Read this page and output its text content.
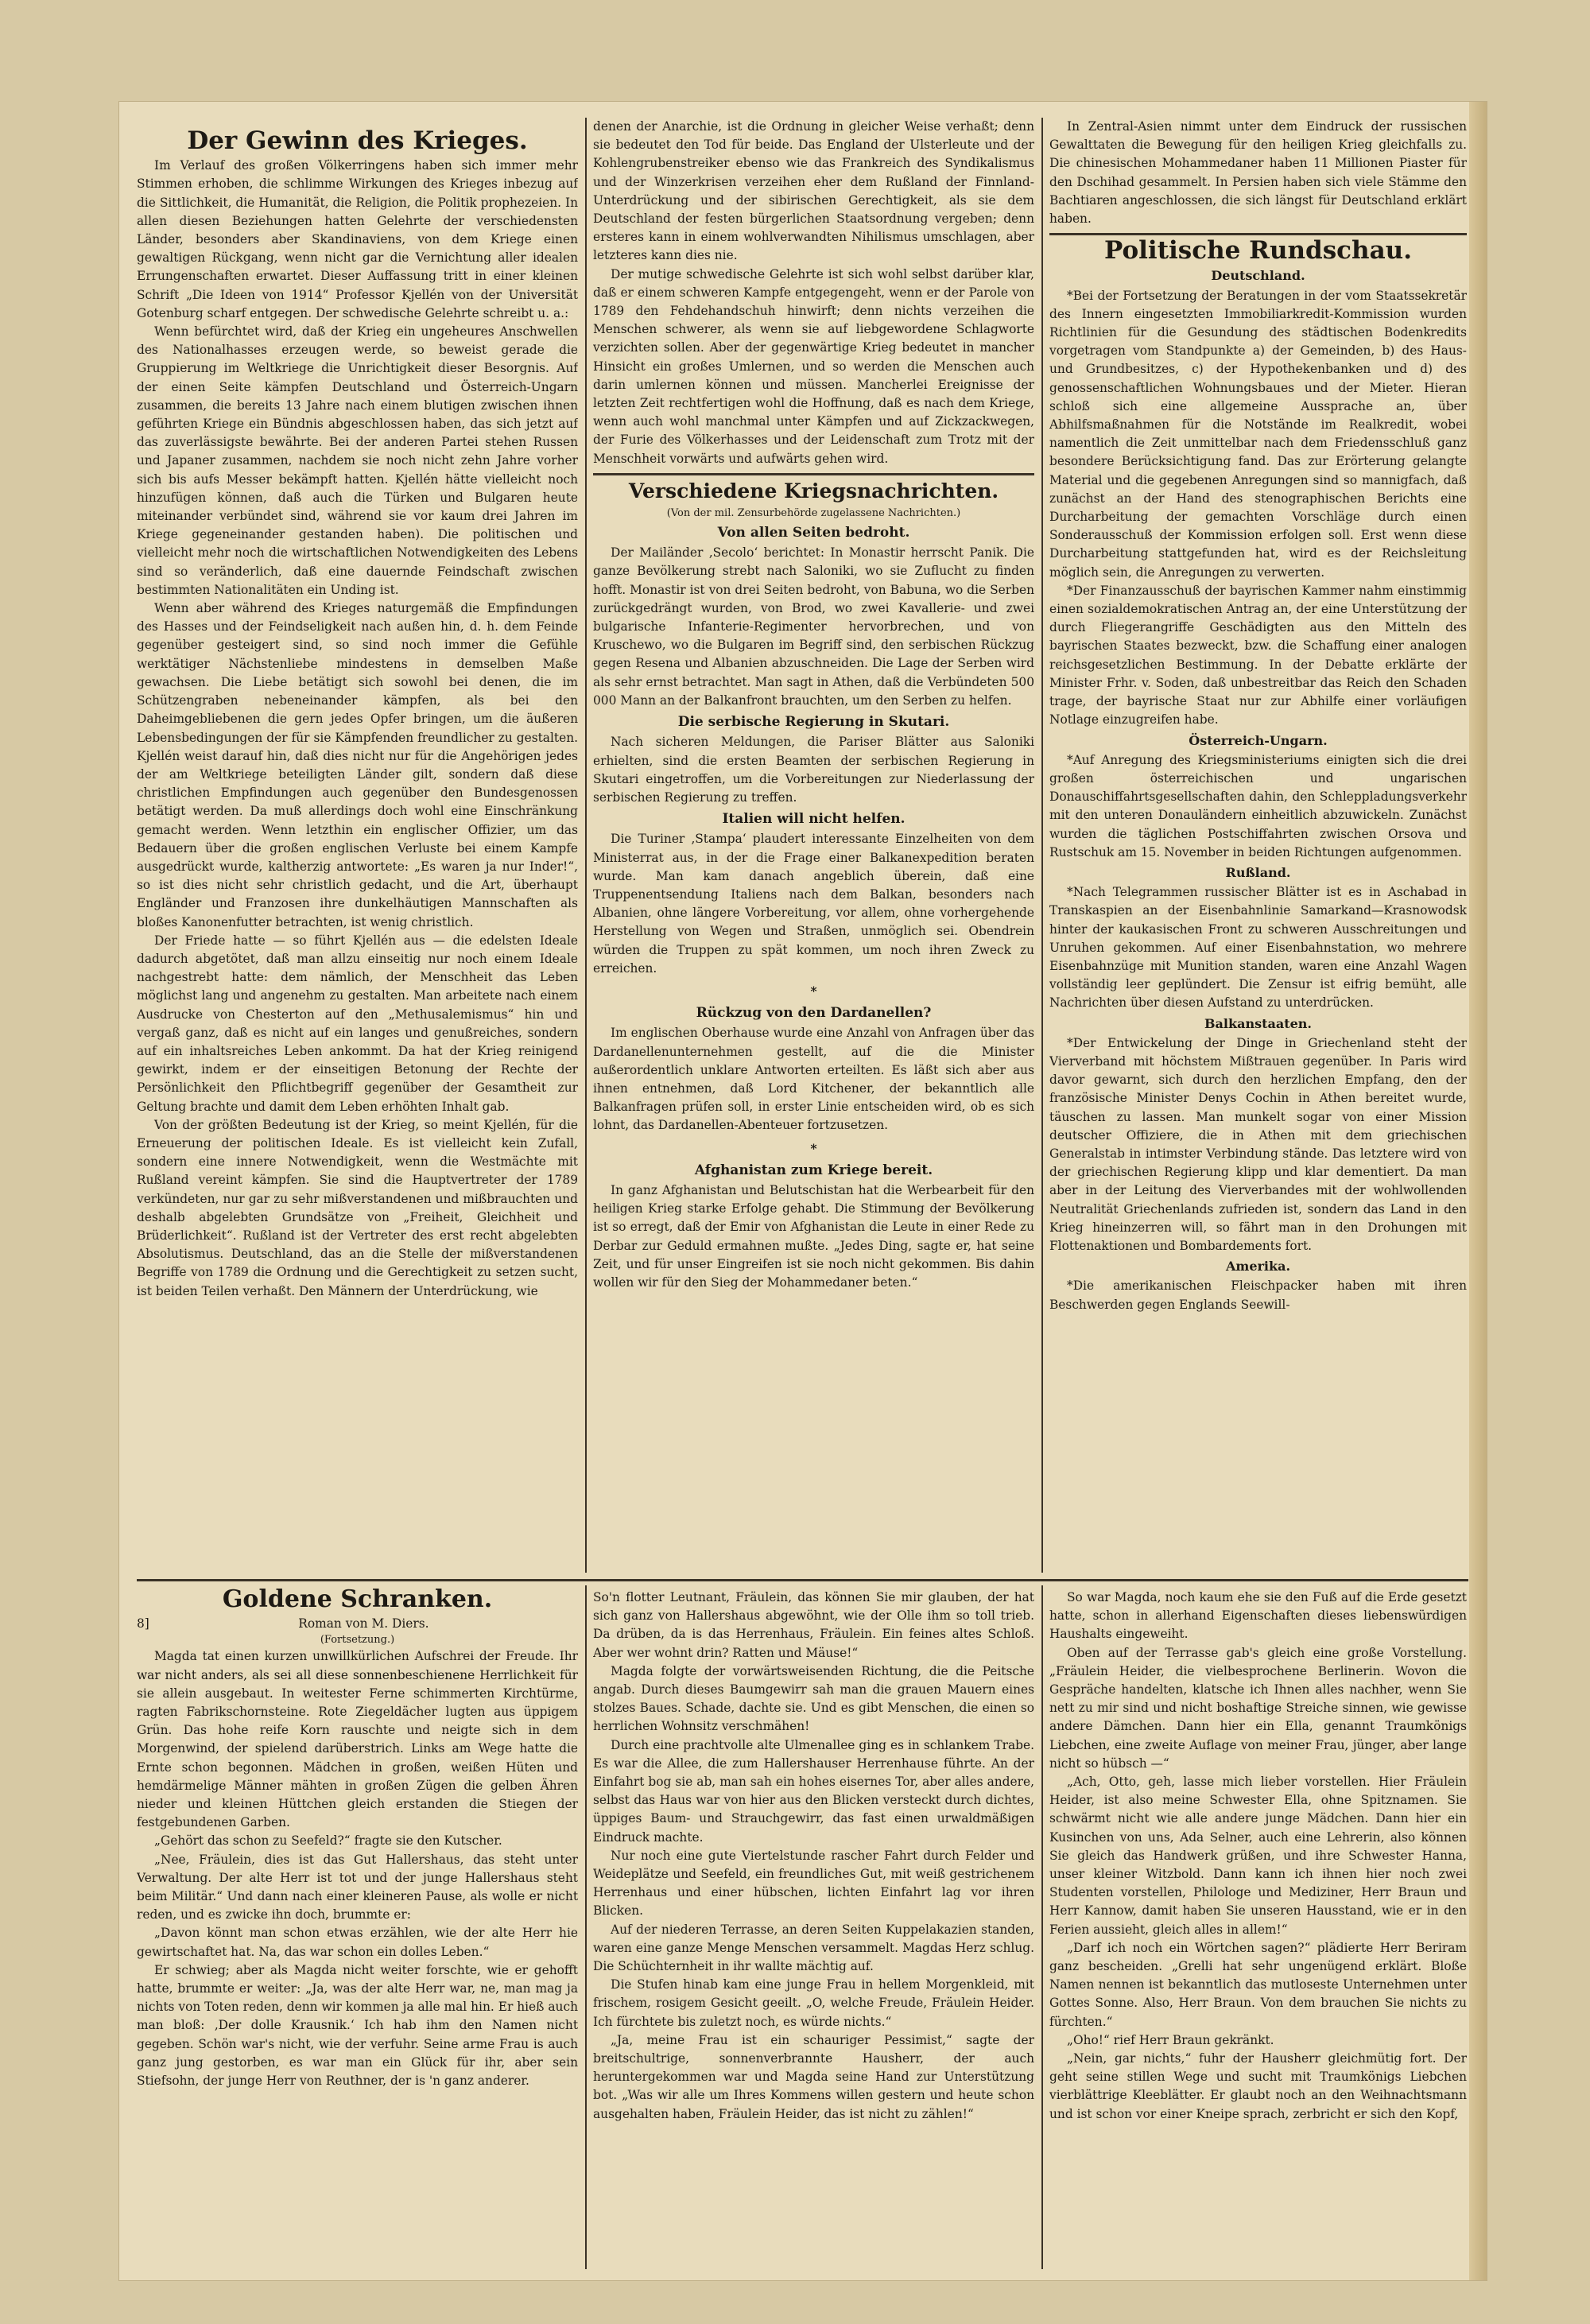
Der Gewinn des Krieges.

Im Verlauf des großen Völkerringens haben sich immer mehr Stimmen erhoben, die schlimme Wirkungen des Krieges inbezug auf die Sittlichkeit, die Humanität, die Religion, die Politik prophezeien. In allen diesen Beziehungen hatten Gelehrte der verschiedensten Länder, besonders aber Skandinaviens, von dem Kriege einen gewaltigen Rückgang, wenn nicht gar die Vernichtung aller idealen Errungenschaften erwartet. Dieser Auffassung tritt in einer kleinen Schrift „Die Ideen von 1914“ Professor Kjellén von der Universität Gotenburg scharf entgegen. Der schwedische Gelehrte schreibt u. a.:

Wenn befürchtet wird, daß der Krieg ein ungeheures Anschwellen des Nationalhasses erzeugen werde, so beweist gerade die Gruppierung im Weltkriege die Unrichtigkeit dieser Besorgnis. Auf der einen Seite kämpfen Deutschland und Österreich-Ungarn zusammen, die bereits 13 Jahre nach einem blutigen zwischen ihnen geführten Kriege ein Bündnis abgeschlossen haben, das sich jetzt auf das zuverlässigste bewährte. Bei der anderen Partei stehen Russen und Japaner zusammen, nachdem sie noch nicht zehn Jahre vorher sich bis aufs Messer bekämpft hatten. Kjellén hätte vielleicht noch hinzufügen können, daß auch die Türken und Bulgaren heute miteinander verbündet sind, während sie vor kaum drei Jahren im Kriege gegeneinander gestanden haben). Die politischen und vielleicht mehr noch die wirtschaftlichen Notwendigkeiten des Lebens sind so veränderlich, daß eine dauernde Feindschaft zwischen bestimmten Nationalitäten ein Unding ist.

Wenn aber während des Krieges naturgemäß die Empfindungen des Hasses und der Feindseligkeit nach außen hin, d. h. dem Feinde gegenüber gesteigert sind, so sind noch immer die Gefühle werktätiger Nächstenliebe mindestens in demselben Maße gewachsen. Die Liebe betätigt sich sowohl bei denen, die im Schützengraben nebeneinander kämpfen, als bei den Daheimgebliebenen die gern jedes Opfer bringen, um die äußeren Lebensbedingungen der für sie Kämpfenden freundlicher zu gestalten. Kjellén weist darauf hin, daß dies nicht nur für die Angehörigen jedes der am Weltkriege beteiligten Länder gilt, sondern daß diese christlichen Empfindungen auch gegenüber den Bundesgenossen betätigt werden. Da muß allerdings doch wohl eine Einschränkung gemacht werden. Wenn letzthin ein englischer Offizier, um das Bedauern über die großen englischen Verluste bei einem Kampfe ausgedrückt wurde, kaltherzig antwortete: „Es waren ja nur Inder!“, so ist dies nicht sehr christlich gedacht, und die Art, überhaupt Engländer und Franzosen ihre dunkelhäutigen Mannschaften als bloßes Kanonenfutter betrachten, ist wenig christlich.

Der Friede hatte — so führt Kjellén aus — die edelsten Ideale dadurch abgetötet, daß man allzu einseitig nur noch einem Ideale nachgestrebt hatte: dem nämlich, der Menschheit das Leben möglichst lang und angenehm zu gestalten. Man arbeitete nach einem Ausdrucke von Chesterton auf den „Methusalemismus“ hin und vergaß ganz, daß es nicht auf ein langes und genußreiches, sondern auf ein inhaltsreiches Leben ankommt. Da hat der Krieg reinigend gewirkt, indem er der einseitigen Betonung der Rechte der Persönlichkeit den Pflichtbegriff gegenüber der Gesamtheit zur Geltung brachte und damit dem Leben erhöhten Inhalt gab.

Von der größten Bedeutung ist der Krieg, so meint Kjellén, für die Erneuerung der politischen Ideale. Es ist vielleicht kein Zufall, sondern eine innere Notwendigkeit, wenn die Westmächte mit Rußland vereint kämpfen. Sie sind die Hauptvertreter der 1789 verkündeten, nur gar zu sehr mißverstandenen und mißbrauchten und deshalb abgelebten Grundsätze von „Freiheit, Gleichheit und Brüderlichkeit“. Rußland ist der Vertreter des erst recht abgelebten Absolutismus. Deutschland, das an die Stelle der mißverstandenen Begriffe von 1789 die Ordnung und die Gerechtigkeit zu setzen sucht, ist beiden Teilen verhaßt. Den Männern der Unterdrückung, wie

denen der Anarchie, ist die Ordnung in gleicher Weise verhaßt; denn sie bedeutet den Tod für beide. Das England der Ulsterleute und der Kohlengrubenstreiker ebenso wie das Frankreich des Syndikalismus und der Winzerkrisen verzeihen eher dem Rußland der Finnland-Unterdrückung und der sibirischen Gerechtigkeit, als sie dem Deutschland der festen bürgerlichen Staatsordnung vergeben; denn ersteres kann in einem wohlverwandten Nihilismus umschlagen, aber letzteres kann dies nie.

Der mutige schwedische Gelehrte ist sich wohl selbst darüber klar, daß er einem schweren Kampfe entgegengeht, wenn er der Parole von 1789 den Fehdehandschuh hinwirft; denn nichts verzeihen die Menschen schwerer, als wenn sie auf liebgewordene Schlagworte verzichten sollen. Aber der gegenwärtige Krieg bedeutet in mancher Hinsicht ein großes Umlernen, und so werden die Menschen auch darin umlernen können und müssen. Mancherlei Ereignisse der letzten Zeit rechtfertigen wohl die Hoffnung, daß es nach dem Kriege, wenn auch wohl manchmal unter Kämpfen und auf Zickzackwegen, der Furie des Völkerhasses und der Leidenschaft zum Trotz mit der Menschheit vorwärts und aufwärts gehen wird.

Verschiedene Kriegsnachrichten.
(Von der mil. Zensurbehörde zugelassene Nachrichten.)
Von allen Seiten bedroht.

Der Mailänder ‚Secolo‘ berichtet: In Monastir herrscht Panik. Die ganze Bevölkerung strebt nach Saloniki, wo sie Zuflucht zu finden hofft. Monastir ist von drei Seiten bedroht, von Babuna, wo die Serben zurückgedrängt wurden, von Brod, wo zwei Kavallerie- und zwei bulgarische Infanterie-Regimenter hervorbrechen, und von Kruschewo, wo die Bulgaren im Begriff sind, den serbischen Rückzug gegen Resena und Albanien abzuschneiden. Die Lage der Serben wird als sehr ernst betrachtet. Man sagt in Athen, daß die Verbündeten 500 000 Mann an der Balkanfront brauchten, um den Serben zu helfen.

Die serbische Regierung in Skutari.

Nach sicheren Meldungen, die Pariser Blätter aus Saloniki erhielten, sind die ersten Beamten der serbischen Regierung in Skutari eingetroffen, um die Vorbereitungen zur Niederlassung der serbischen Regierung zu treffen.

Italien will nicht helfen.

Die Turiner ‚Stampa‘ plaudert interessante Einzelheiten von dem Ministerrat aus, in der die Frage einer Balkanexpedition beraten wurde. Man kam danach angeblich überein, daß eine Truppenentsendung Italiens nach dem Balkan, besonders nach Albanien, ohne längere Vorbereitung, vor allem, ohne vorhergehende Herstellung von Wegen und Straßen, unmöglich sei. Obendrein würden die Truppen zu spät kommen, um noch ihren Zweck zu erreichen.

*
Rückzug von den Dardanellen?

Im englischen Oberhause wurde eine Anzahl von Anfragen über das Dardanellenunternehmen gestellt, auf die die Minister außerordentlich unklare Antworten erteilten. Es läßt sich aber aus ihnen entnehmen, daß Lord Kitchener, der bekanntlich alle Balkanfragen prüfen soll, in erster Linie entscheiden wird, ob es sich lohnt, das Dardanellen-Abenteuer fortzusetzen.

*
Afghanistan zum Kriege bereit.

In ganz Afghanistan und Belutschistan hat die Werbearbeit für den heiligen Krieg starke Erfolge gehabt. Die Stimmung der Bevölkerung ist so erregt, daß der Emir von Afghanistan die Leute in einer Rede zu Derbar zur Geduld ermahnen mußte. „Jedes Ding, sagte er, hat seine Zeit, und für unser Eingreifen ist sie noch nicht gekommen. Bis dahin wollen wir für den Sieg der Mohammedaner beten.“

In Zentral-Asien nimmt unter dem Eindruck der russischen Gewalttaten die Bewegung für den heiligen Krieg gleichfalls zu. Die chinesischen Mohammedaner haben 11 Millionen Piaster für den Dschihad gesammelt. In Persien haben sich viele Stämme den Bachtiaren angeschlossen, die sich längst für Deutschland erklärt haben.

Politische Rundschau.
Deutschland.

*Bei der Fortsetzung der Beratungen in der vom Staatssekretär des Innern eingesetzten Immobiliarkredit-Kommission wurden Richtlinien für die Gesundung des städtischen Bodenkredits vorgetragen vom Standpunkte a) der Gemeinden, b) des Haus- und Grundbesitzes, c) der Hypothekenbanken und d) des genossenschaftlichen Wohnungsbaues und der Mieter. Hieran schloß sich eine allgemeine Aussprache an, über Abhilfsmaßnahmen für die Notstände im Realkredit, wobei namentlich die Zeit unmittelbar nach dem Friedensschluß ganz besondere Berücksichtigung fand. Das zur Erörterung gelangte Material und die gegebenen Anregungen sind so mannigfach, daß zunächst an der Hand des stenographischen Berichts eine Durcharbeitung der gemachten Vorschläge durch einen Sonderausschuß der Kommission erfolgen soll. Erst wenn diese Durcharbeitung stattgefunden hat, wird es der Reichsleitung möglich sein, die Anregungen zu verwerten.

*Der Finanzausschuß der bayrischen Kammer nahm einstimmig einen sozialdemokratischen Antrag an, der eine Unterstützung der durch Fliegerangriffe Geschädigten aus den Mitteln des bayrischen Staates bezweckt, bzw. die Schaffung einer analogen reichsgesetzlichen Bestimmung. In der Debatte erklärte der Minister Frhr. v. Soden, daß unbestreitbar das Reich den Schaden trage, der bayrische Staat nur zur Abhilfe einer vorläufigen Notlage einzugreifen habe.

Österreich-Ungarn.

*Auf Anregung des Kriegsministeriums einigten sich die drei großen österreichischen und ungarischen Donauschiffahrtsgesellschaften dahin, den Schleppladungsverkehr mit den unteren Donauländern einheitlich abzuwickeln. Zunächst wurden die täglichen Postschiffahrten zwischen Orsova und Rustschuk am 15. November in beiden Richtungen aufgenommen.

Rußland.

*Nach Telegrammen russischer Blätter ist es in Aschabad in Transkaspien an der Eisenbahnlinie Samarkand—Krasnowodsk hinter der kaukasischen Front zu schweren Ausschreitungen und Unruhen gekommen. Auf einer Eisenbahnstation, wo mehrere Eisenbahnzüge mit Munition standen, waren eine Anzahl Wagen vollständig leer geplündert. Die Zensur ist eifrig bemüht, alle Nachrichten über diesen Aufstand zu unterdrücken.

Balkanstaaten.

*Der Entwickelung der Dinge in Griechenland steht der Vierverband mit höchstem Mißtrauen gegenüber. In Paris wird davor gewarnt, sich durch den herzlichen Empfang, den der französische Minister Denys Cochin in Athen bereitet wurde, täuschen zu lassen. Man munkelt sogar von einer Mission deutscher Offiziere, die in Athen mit dem griechischen Generalstab in intimster Verbindung stände. Das letztere wird von der griechischen Regierung klipp und klar dementiert. Da man aber in der Leitung des Vierverbandes mit der wohlwollenden Neutralität Griechenlands zufrieden ist, sondern das Land in den Krieg hineinzerren will, so fährt man in den Drohungen mit Flottenaktionen und Bombardements fort.

Amerika.

*Die amerikanischen Fleischpacker haben mit ihren Beschwerden gegen Englands Seewill-

Goldene Schranken.
8]	Roman von M. Diers.
(Fortsetzung.)

Magda tat einen kurzen unwillkürlichen Aufschrei der Freude. Ihr war nicht anders, als sei all diese sonnenbeschienene Herrlichkeit für sie allein ausgebaut. In weitester Ferne schimmerten Kirchtürme, ragten Fabrikschornsteine. Rote Ziegeldächer lugten aus üppigem Grün. Das hohe reife Korn rauschte und neigte sich in dem Morgenwind, der spielend darüberstrich. Links am Wege hatte die Ernte schon begonnen. Mädchen in großen, weißen Hüten und hemdärmelige Männer mähten in großen Zügen die gelben Ähren nieder und kleinen Hüttchen gleich erstanden die Stiegen der festgebundenen Garben.

„Gehört das schon zu Seefeld?“ fragte sie den Kutscher.

„Nee, Fräulein, dies ist das Gut Hallershaus, das steht unter Verwaltung. Der alte Herr ist tot und der junge Hallershaus steht beim Militär.“ Und dann nach einer kleineren Pause, als wolle er nicht reden, und es zwicke ihn doch, brummte er:

„Davon könnt man schon etwas erzählen, wie der alte Herr hie gewirtschaftet hat. Na, das war schon ein dolles Leben.“

Er schwieg; aber als Magda nicht weiter forschte, wie er gehofft hatte, brummte er weiter: „Ja, was der alte Herr war, ne, man mag ja nichts von Toten reden, denn wir kommen ja alle mal hin. Er hieß auch man bloß: ‚Der dolle Krausnik.‘ Ich hab ihm den Namen nicht gegeben. Schön war's nicht, wie der verfuhr. Seine arme Frau is auch ganz jung gestorben, es war man ein Glück für ihr, aber sein Stiefsohn, der junge Herr von Reuthner, der is 'n ganz anderer.

So'n flotter Leutnant, Fräulein, das können Sie mir glauben, der hat sich ganz von Hallershaus abgewöhnt, wie der Olle ihm so toll trieb. Da drüben, da is das Herrenhaus, Fräulein. Ein feines altes Schloß. Aber wer wohnt drin? Ratten und Mäuse!“

Magda folgte der vorwärtsweisenden Richtung, die die Peitsche angab. Durch dieses Baumgewirr sah man die grauen Mauern eines stolzes Baues. Schade, dachte sie. Und es gibt Menschen, die einen so herrlichen Wohnsitz verschmähen!

Durch eine prachtvolle alte Ulmenallee ging es in schlankem Trabe. Es war die Allee, die zum Hallershauser Herrenhause führte. An der Einfahrt bog sie ab, man sah ein hohes eisernes Tor, aber alles andere, selbst das Haus war von hier aus den Blicken versteckt durch dichtes, üppiges Baum- und Strauchgewirr, das fast einen urwaldmäßigen Eindruck machte.

Nur noch eine gute Viertelstunde rascher Fahrt durch Felder und Weideplätze und Seefeld, ein freundliches Gut, mit weiß gestrichenem Herrenhaus und einer hübschen, lichten Einfahrt lag vor ihren Blicken.

Auf der niederen Terrasse, an deren Seiten Kuppelakazien standen, waren eine ganze Menge Menschen versammelt. Magdas Herz schlug. Die Schüchternheit in ihr wallte mächtig auf.

Die Stufen hinab kam eine junge Frau in hellem Morgenkleid, mit frischem, rosigem Gesicht geeilt. „O, welche Freude, Fräulein Heider. Ich fürchtete bis zuletzt noch, es würde nichts.“

„Ja, meine Frau ist ein schauriger Pessimist,“ sagte der breitschultrige, sonnenverbrannte Hausherr, der auch heruntergekommen war und Magda seine Hand zur Unterstützung bot. „Was wir alle um Ihres Kommens willen gestern und heute schon ausgehalten haben, Fräulein Heider, das ist nicht zu zählen!“

So war Magda, noch kaum ehe sie den Fuß auf die Erde gesetzt hatte, schon in allerhand Eigenschaften dieses liebenswürdigen Haushalts eingeweiht.

Oben auf der Terrasse gab's gleich eine große Vorstellung. „Fräulein Heider, die vielbesprochene Berlinerin. Wovon die Gespräche handelten, klatsche ich Ihnen alles nachher, wenn Sie nett zu mir sind und nicht boshaftige Streiche sinnen, wie gewisse andere Dämchen. Dann hier ein Ella, genannt Traumkönigs Liebchen, eine zweite Auflage von meiner Frau, jünger, aber lange nicht so hübsch —“

„Ach, Otto, geh, lasse mich lieber vorstellen. Hier Fräulein Heider, ist also meine Schwester Ella, ohne Spitznamen. Sie schwärmt nicht wie alle andere junge Mädchen. Dann hier ein Kusinchen von uns, Ada Selner, auch eine Lehrerin, also können Sie gleich das Handwerk grüßen, und ihre Schwester Hanna, unser kleiner Witzbold. Dann kann ich ihnen hier noch zwei Studenten vorstellen, Philologe und Mediziner, Herr Braun und Herr Kannow, damit haben Sie unseren Hausstand, wie er in den Ferien aussieht, gleich alles in allem!“

„Darf ich noch ein Wörtchen sagen?“ plädierte Herr Beriram ganz bescheiden. „Grelli hat sehr ungenügend erklärt. Bloße Namen nennen ist bekanntlich das mutloseste Unternehmen unter Gottes Sonne. Also, Herr Braun. Von dem brauchen Sie nichts zu fürchten.“

„Oho!“ rief Herr Braun gekränkt.

„Nein, gar nichts,“ fuhr der Hausherr gleichmütig fort. Der geht seine stillen Wege und sucht mit Traumkönigs Liebchen vierblättrige Kleeblätter. Er glaubt noch an den Weihnachtsmann und ist schon vor einer Kneipe sprach, zerbricht er sich den Kopf,
